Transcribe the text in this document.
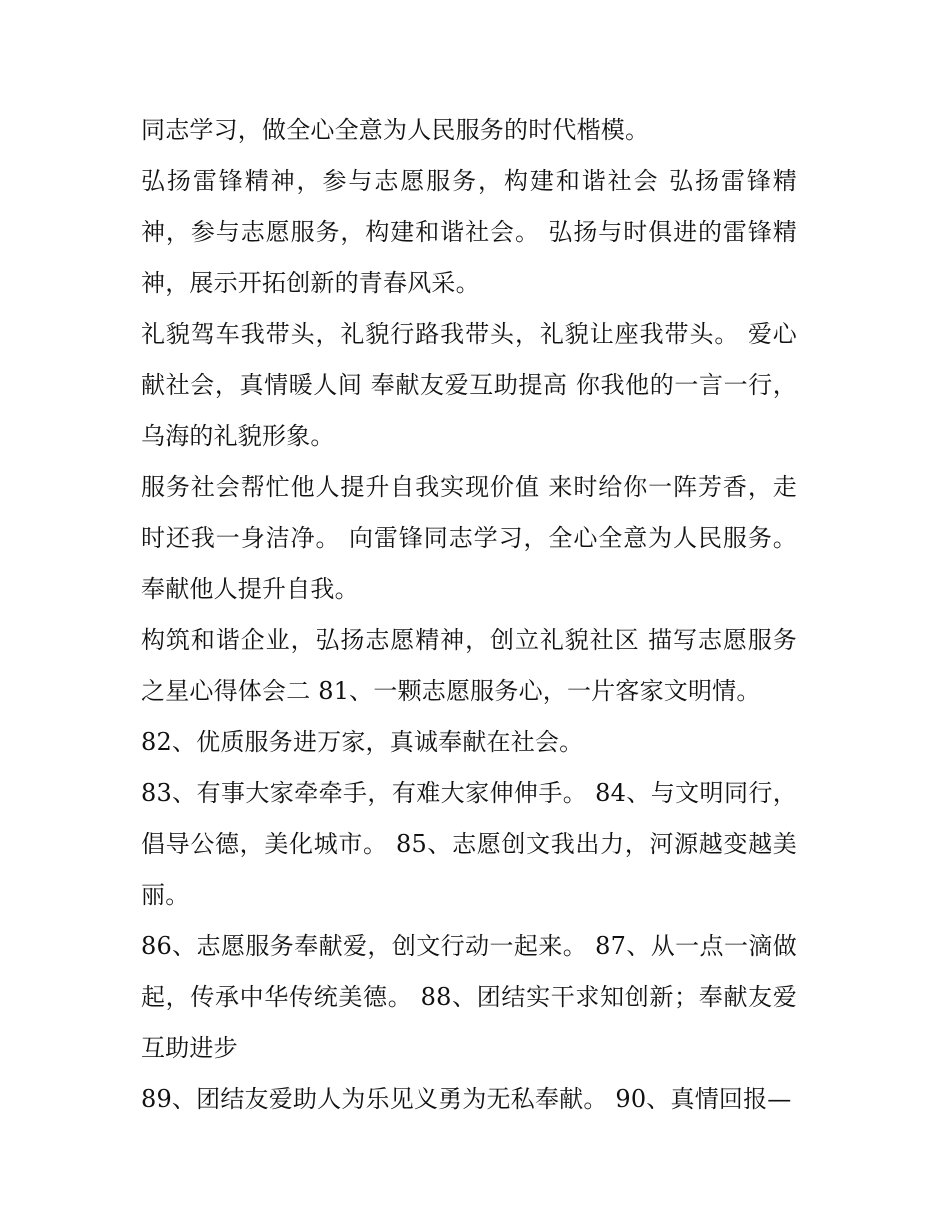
同志学习，做全心全意为人民服务的时代楷模。

弘扬雷锋精神，参与志愿服务，构建和谐社会 弘扬雷锋精神，参与志愿服务，构建和谐社会。 弘扬与时俱进的雷锋精神，展示开拓创新的青春风采。

礼貌驾车我带头，礼貌行路我带头，礼貌让座我带头。 爱心献社会，真情暖人间 奉献友爱互助提高 你我他的一言一行，乌海的礼貌形象。

服务社会帮忙他人提升自我实现价值 来时给你一阵芳香，走时还我一身洁净。 向雷锋同志学习，全心全意为人民服务。奉献他人提升自我。

构筑和谐企业，弘扬志愿精神，创立礼貌社区 描写志愿服务之星心得体会二 81、一颗志愿服务心，一片客家文明情。

82、优质服务进万家，真诚奉献在社会。

83、有事大家牵牵手，有难大家伸伸手。 84、与文明同行，倡导公德，美化城市。 85、志愿创文我出力，河源越变越美丽。

86、志愿服务奉献爱，创文行动一起来。 87、从一点一滴做起，传承中华传统美德。 88、团结实干求知创新；奉献友爱互助进步

89、团结友爱助人为乐见义勇为无私奉献。 90、真情回报—
